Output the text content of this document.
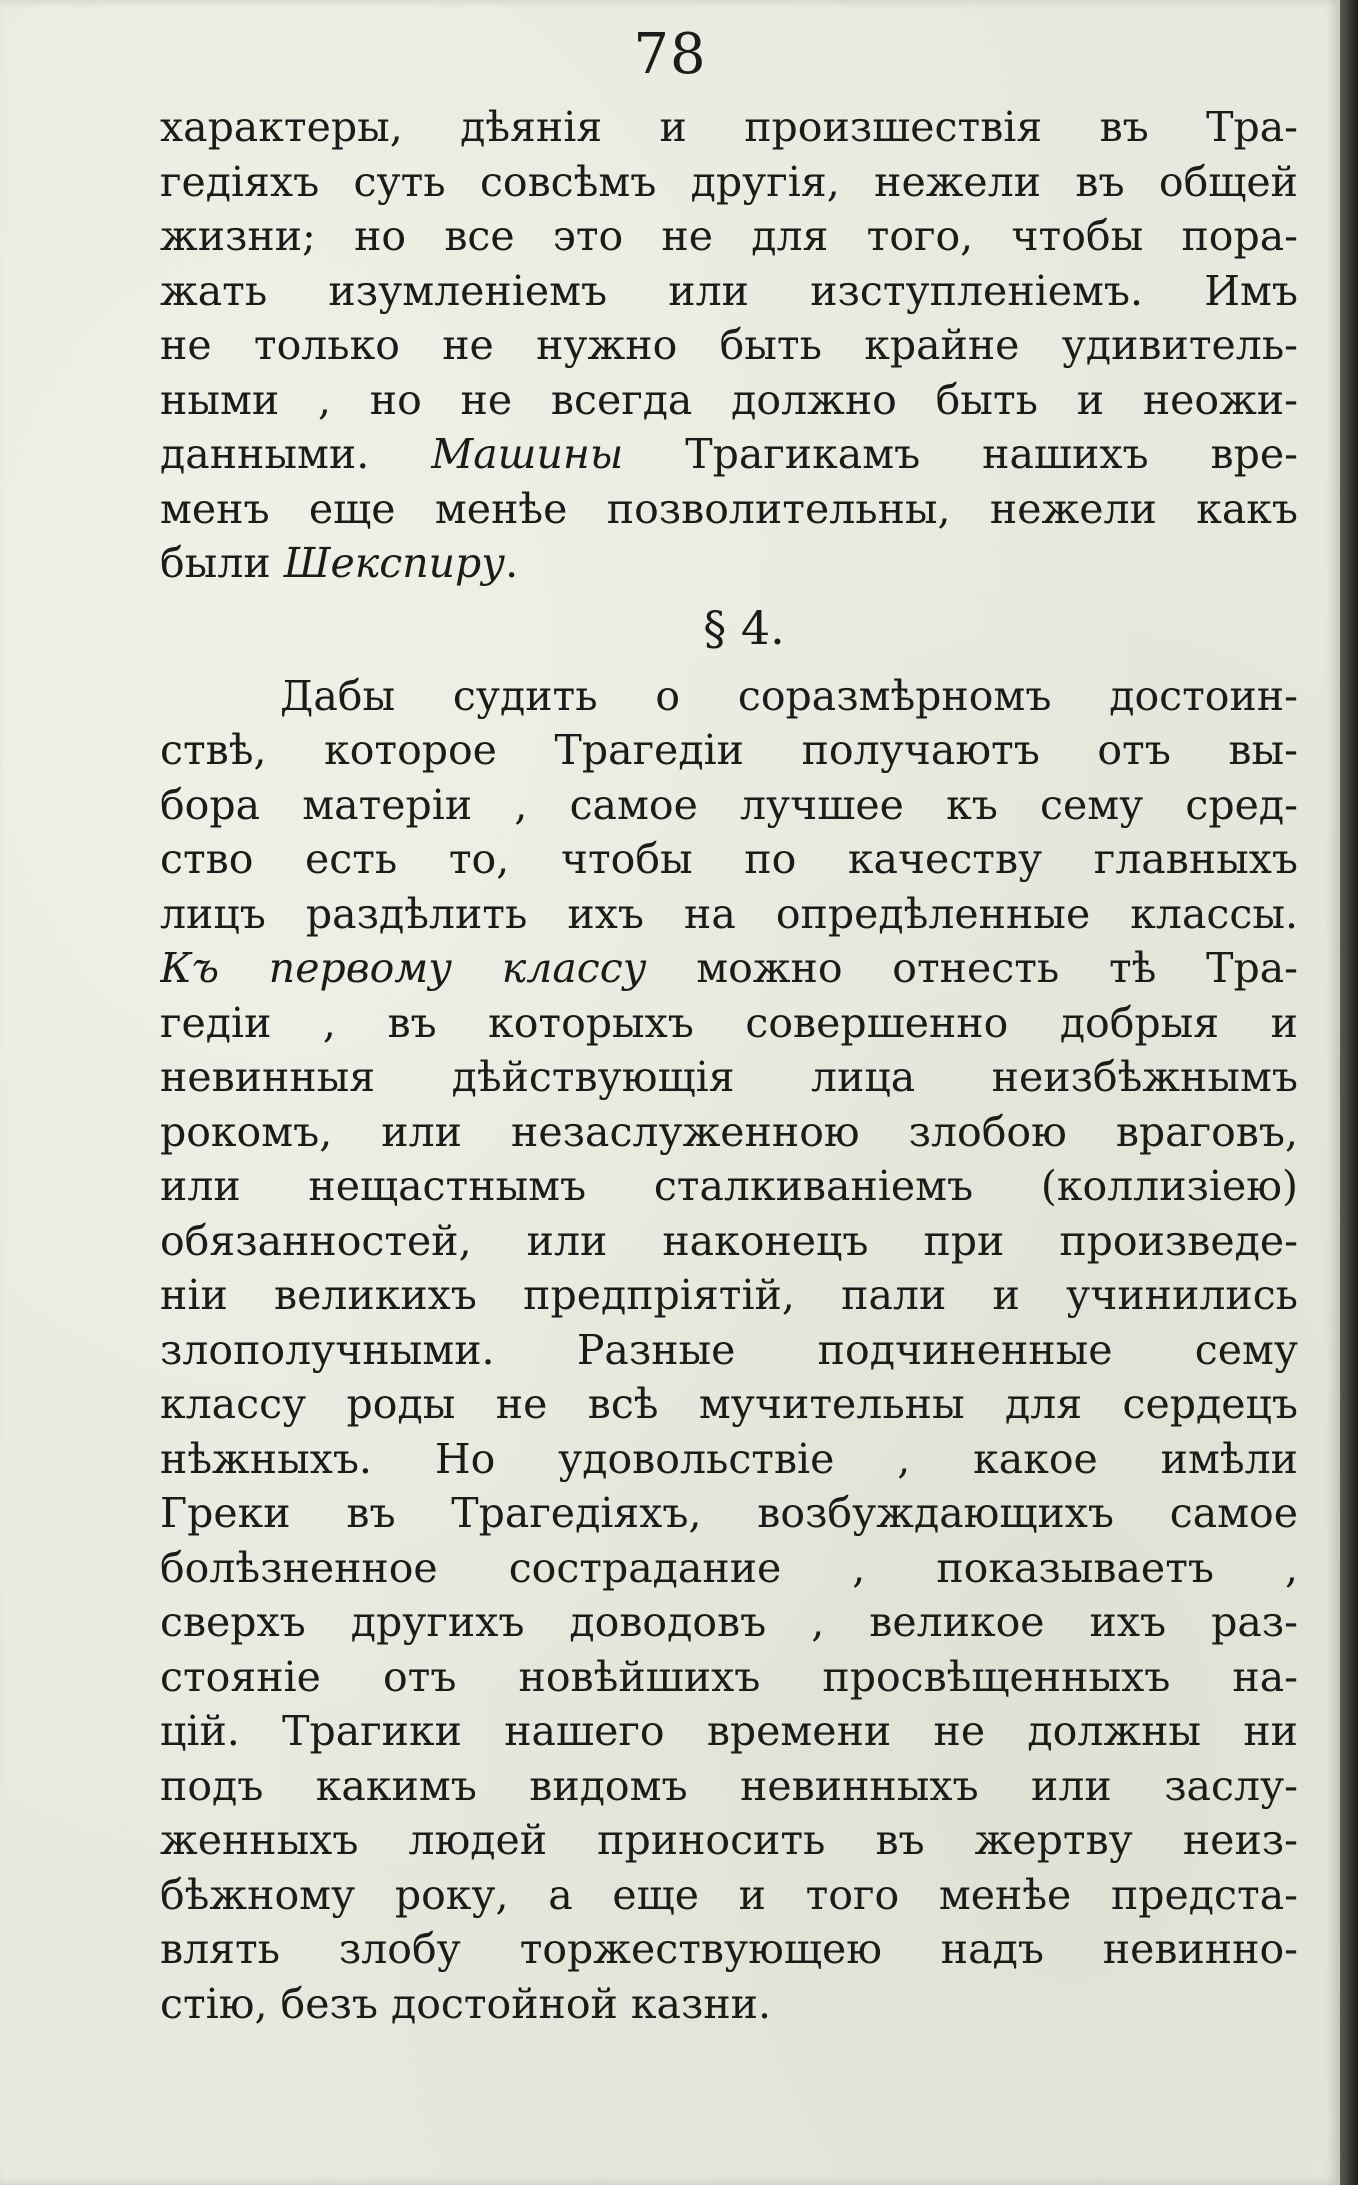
78
характеры, дѣянія и произшествія въ Тра-
гедіяхъ суть совсѣмъ другія, нежели въ общей
жизни; но все это не для того, чтобы пора-
жать изумленіемъ или изступленіемъ. Имъ
не только не нужно быть крайне удивитель-
ными , но не всегда должно быть и неожи-
данными. Машины Трагикамъ нашихъ вре-
менъ еще менѣе позволительны, нежели какъ
были Шекспиру.
§ 4.
Дабы судить о соразмѣрномъ достоин-
ствѣ, которое Трагедіи получаютъ отъ вы-
бора матеріи , самое лучшее къ сему сред-
ство есть то, чтобы по качеству главныхъ
лицъ раздѣлить ихъ на опредѣленные классы.
Къ первому классу можно отнесть тѣ Тра-
гедіи , въ которыхъ совершенно добрыя и
невинныя дѣйствующія лица неизбѣжнымъ
рокомъ, или незаслуженною злобою враговъ,
или нещастнымъ сталкиваніемъ (коллизіею)
обязанностей, или наконецъ при произведе-
ніи великихъ предпріятій, пали и учинились
злополучными. Разные подчиненные сему
классу роды не всѣ мучительны для сердецъ
нѣжныхъ. Но удовольствіе , какое имѣли
Греки въ Трагедіяхъ, возбуждающихъ самое
болѣзненное сострадание , показываетъ ,
сверхъ другихъ доводовъ , великое ихъ раз-
стояніе отъ новѣйшихъ просвѣщенныхъ на-
цій. Трагики нашего времени не должны ни
подъ какимъ видомъ невинныхъ или заслу-
женныхъ людей приносить въ жертву неиз-
бѣжному року, а еще и того менѣе предста-
влять злобу торжествующею надъ невинно-
стію, безъ достойной казни.
